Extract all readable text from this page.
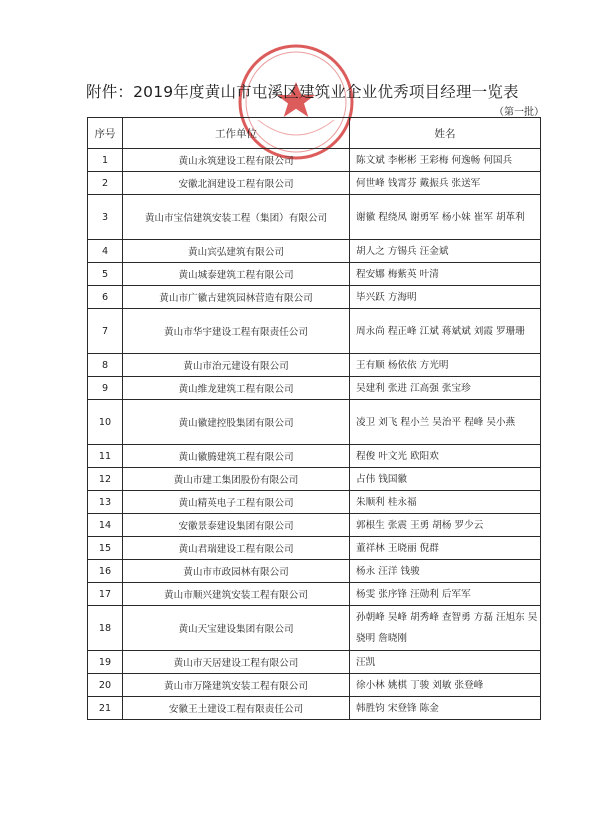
附件：2019年度黄山市屯溪区建筑业企业优秀项目经理一览表
（第一批）
序号	工作单位	姓名
1	黄山永筑建设工程有限公司	陈文斌 李彬彬 王彩梅 何逸畅 何国兵
2	安徽北润建设工程有限公司	何世峰 钱霄芬 戴振兵 张送军
3	黄山市宝信建筑安装工程（集团）有限公司	谢徽 程绕凤 谢勇军 杨小妹 崔军 胡革利
4	黄山宾弘建筑有限公司	胡人之 方锡兵 汪金斌
5	黄山城泰建筑工程有限公司	程安娜 梅紫英 叶清
6	黄山市广徽古建筑园林营造有限公司	毕兴跃 方海明
7	黄山市华宇建设工程有限责任公司	周永尚 程正峰 江斌 蒋斌斌 刘霞 罗珊珊
8	黄山市治元建设有限公司	王有顺 杨依依 方光明
9	黄山维龙建筑工程有限公司	吴建利 张进 江高强 张宝珍
10	黄山徽建控股集团有限公司	凌卫 刘飞 程小兰 吴治平 程峰 吴小燕
11	黄山徽腾建筑工程有限公司	程俊 叶文光 欧阳欢
12	黄山市建工集团股份有限公司	占伟 钱国徽
13	黄山精英电子工程有限公司	朱顺利 桂永福
14	安徽景泰建设集团有限公司	郭根生 张震 王勇 胡杨 罗少云
15	黄山君瑞建设工程有限公司	董祥林 王晓丽 倪群
16	黄山市市政园林有限公司	杨永 汪洋 钱骏
17	黄山市顺兴建筑安装工程有限公司	杨雯 张序锋 汪勋利 后军军
18	黄山天宝建设集团有限公司	孙朝峰 吴峰 胡秀峰 查智勇 方磊 汪旭东 吴骁明 詹晓刚
19	黄山市天居建设工程有限公司	汪凯
20	黄山市万隆建筑安装工程有限公司	徐小林 姚棋 丁骏 刘敏 张登峰
21	安徽王土建设工程有限责任公司	韩胜钧 宋登锋 陈金
